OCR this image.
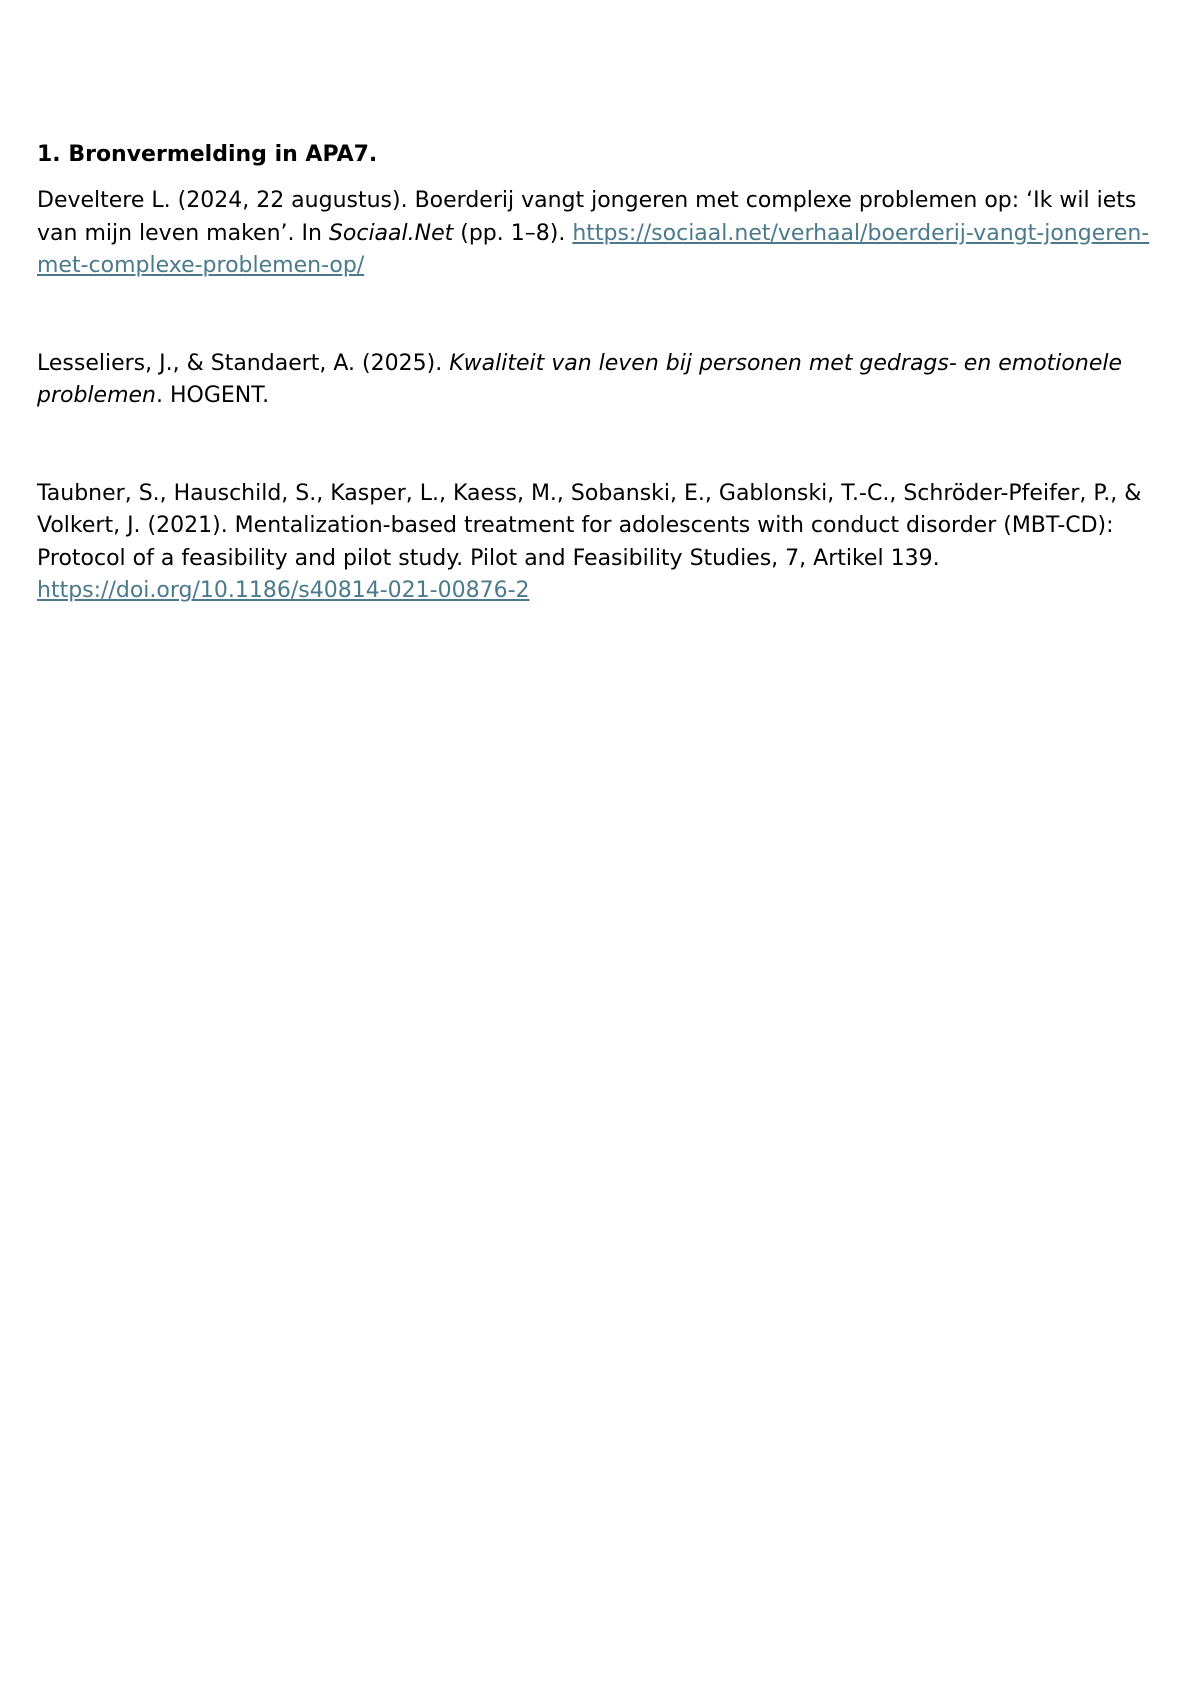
1. Bronvermelding in APA7.

Develtere L. (2024, 22 augustus). Boerderij vangt jongeren met complexe problemen op: ‘Ik wil iets van mijn leven maken’. In Sociaal.Net (pp. 1–8). https://sociaal.net/verhaal/boerderij-vangt-jongeren-met-complexe-problemen-op/

Lesseliers, J., & Standaert, A. (2025). Kwaliteit van leven bij personen met gedrags- en emotionele problemen. HOGENT.

Taubner, S., Hauschild, S., Kasper, L., Kaess, M., Sobanski, E., Gablonski, T.-C., Schröder-Pfeifer, P., & Volkert, J. (2021). Mentalization-based treatment for adolescents with conduct disorder (MBT-CD): Protocol of a feasibility and pilot study. Pilot and Feasibility Studies, 7, Artikel 139. https://doi.org/10.1186/s40814-021-00876-2
